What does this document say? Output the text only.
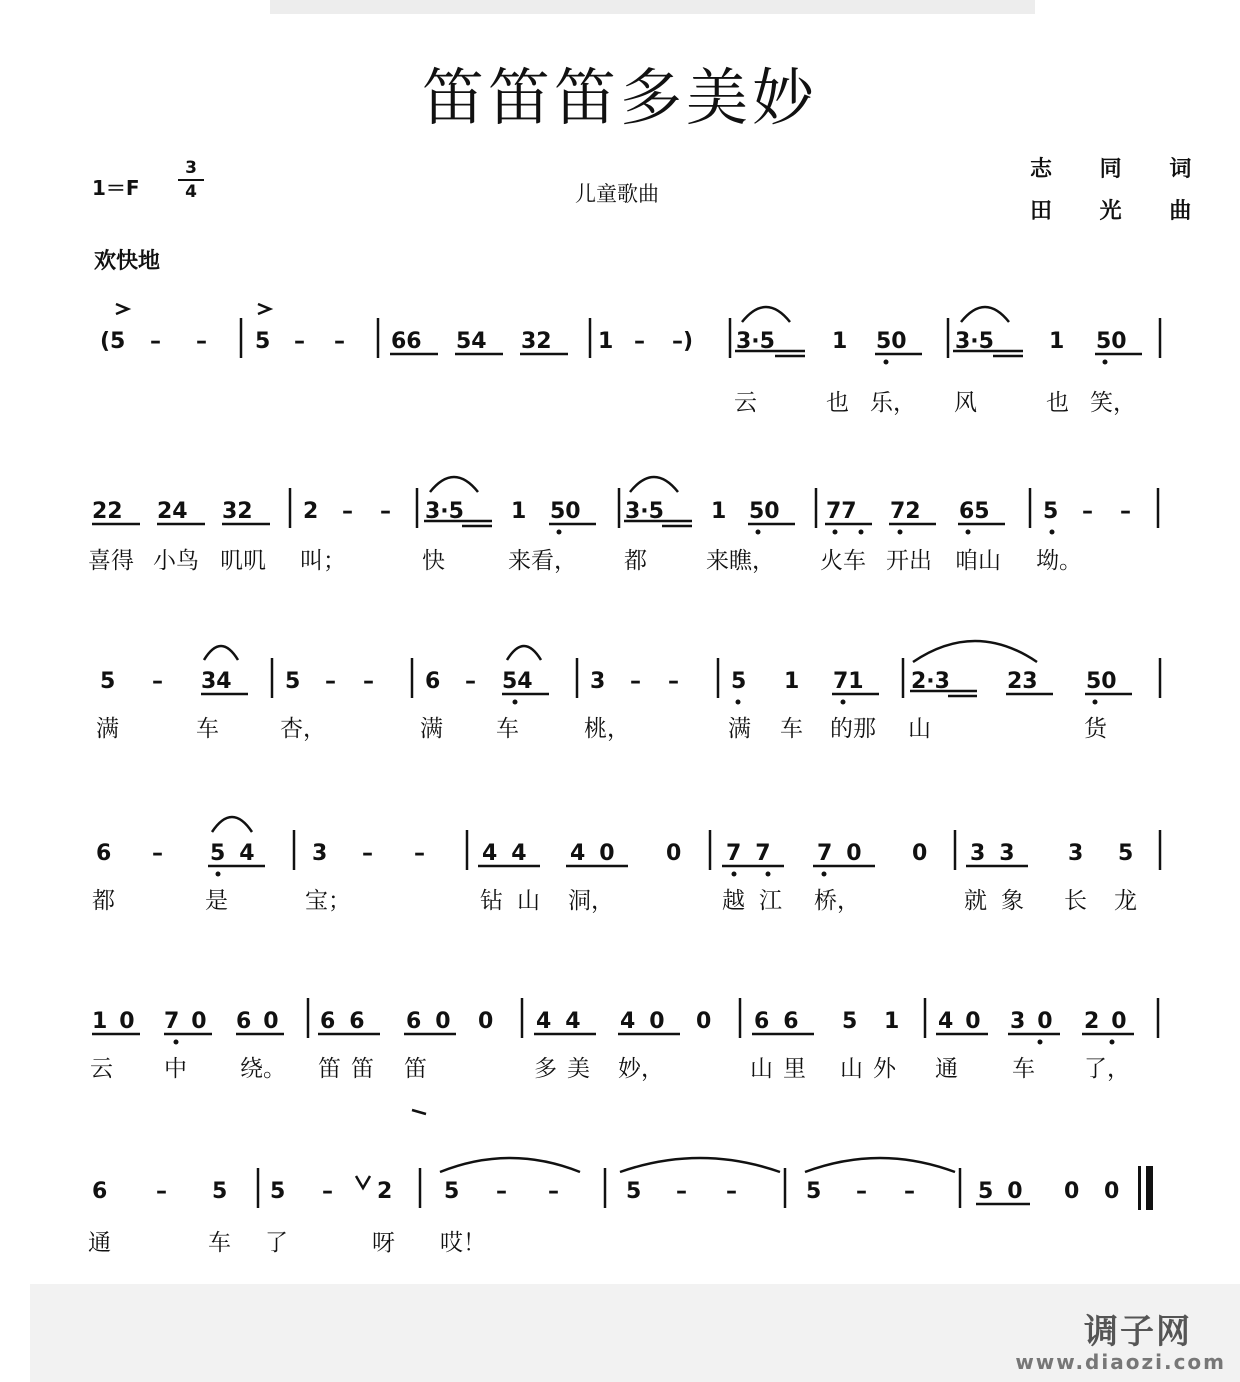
笛笛笛多美妙
1＝F
3
4	儿童歌曲
志 同 词
田 光 曲
欢快地
(5 – – 5 – – 66 54 32 1 – –) 3·5	1 50 3·5	1 50
云	也 乐， 风	也 笑，
22 24 32 2 – – 3·5 1 50 3·5 1 50 77 72 65 5 – –
喜得 小鸟 叽叽 叫；	快	来看， 都	来瞧， 火车 开出 咱山 坳。
5 – 34 5 – – 6 – 54	3 – – 5 1 71 2·3	23 50
满	车	杏，	满 车	桃，	满 车 的那 山	货
6 – 54 3 – –	44 40 0 77 70 0 33 3 5
都	是	宝；	钻山 洞，	越江 桥，	就象 长 龙
10 70 60 66 60 0 44 40 0 66 5 1 40 30 20
云 中 绕。 笛笛 笛	多美 妙，	山里 山外 通 车 了，
6 – 5 5 – 2 5 – –	5 – –	5 – –	50 0 0
通	车 了	呀 哎！
调子网
www.diaozi.com
